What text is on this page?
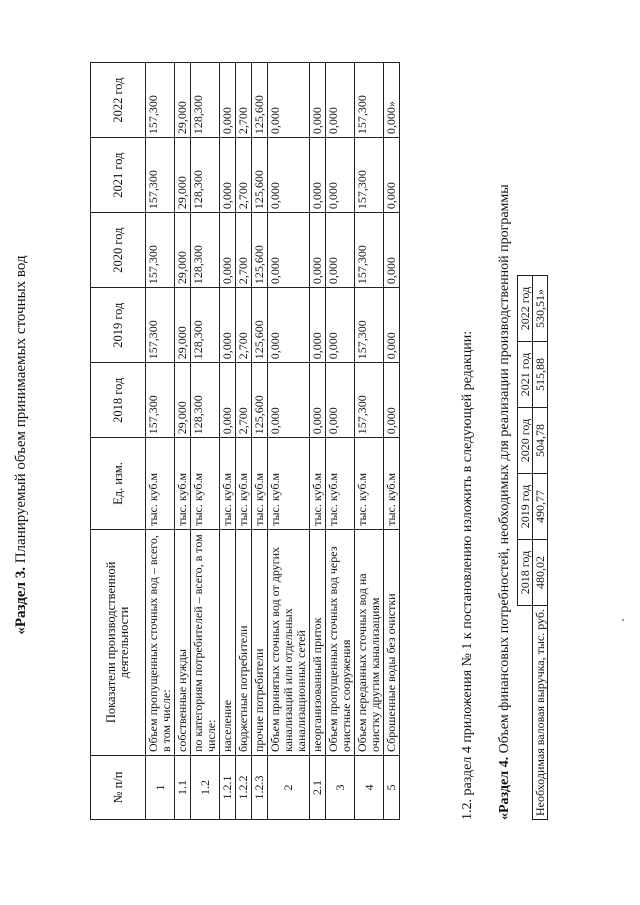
«Раздел 3. Планируемый объем принимаемых сточных вод
№ п/п	Показатели производственной деятельности	Ед. изм.	2018 год	2019 год	2020 год	2021 год	2022 год
1	Объем пропущенных сточных вод – всего, в том числе:	тыс. куб.м	157,300	157,300	157,300	157,300	157,300
1.1	собственные нужды	тыс. куб.м	29,000	29,000	29,000	29,000	29,000
1.2	по категориям потребителей – всего, в том числе:	тыс. куб.м	128,300	128,300	128,300	128,300	128,300
1.2.1	население	тыс. куб.м	0,000	0,000	0,000	0,000	0,000
1.2.2	бюджетные потребители	тыс. куб.м	2,700	2,700	2,700	2,700	2,700
1.2.3	прочие потребители	тыс. куб.м	125,600	125,600	125,600	125,600	125,600
2	Объем принятых сточных вод от других канализаций или отдельных канализационных сетей	тыс. куб.м	0,000	0,000	0,000	0,000	0,000
2.1	неорганизованный приток	тыс. куб.м	0,000	0,000	0,000	0,000	0,000
3	Объем пропущенных сточных вод через очистные сооружения	тыс. куб.м	0,000	0,000	0,000	0,000	0,000
4	Объем переданных сточных вод на очистку другим канализациям	тыс. куб.м	157,300	157,300	157,300	157,300	157,300
5	Сброшенные воды без очистки	тыс. куб.м	0,000	0,000	0,000	0,000	0,000»
1.2. раздел 4 приложения № 1 к постановлению изложить в следующей редакции: «Раздел 4. Объем финансовых потребностей, необходимых для реализации производственной программы
	2018 год	2019 год	2020 год	2021 год	2022 год
Необходимая валовая выручка, тыс. руб.	480,02	490,77	504,78	515,88	530,51»
